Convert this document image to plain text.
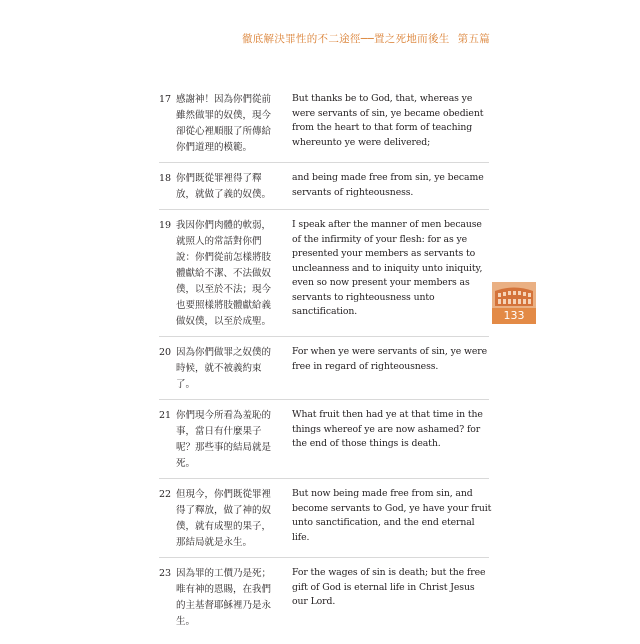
徹底解決罪性的不二途徑──置之死地而後生 第五篇
17 感謝神！因為你們從前雖然做罪的奴僕，現今卻從心裡順服了所傳給你們道理的模範。
But thanks be to God, that, whereas ye were servants of sin, ye became obedient from the heart to that form of teaching whereunto ye were delivered;
18 你們既從罪裡得了釋放，就做了義的奴僕。
and being made free from sin, ye became servants of righteousness.
19 我因你們肉體的軟弱，就照人的常話對你們說：你們從前怎樣將肢體獻給不潔、不法做奴僕，以至於不法；現今也要照樣將肢體獻給義做奴僕，以至於成聖。
I speak after the manner of men because of the infirmity of your flesh: for as ye presented your members as servants to uncleanness and to iniquity unto iniquity, even so now present your members as servants to righteousness unto sanctification.
20 因為你們做罪之奴僕的時候，就不被義約束了。
For when ye were servants of sin, ye were free in regard of righteousness.
21 你們現今所看為羞恥的事，當日有什麼果子呢？那些事的結局就是死。
What fruit then had ye at that time in the things whereof ye are now ashamed? for the end of those things is death.
22 但現今，你們既從罪裡得了釋放，做了神的奴僕，就有成聖的果子，那結局就是永生。
But now being made free from sin, and become servants to God, ye have your fruit unto sanctification, and the end eternal life.
23 因為罪的工價乃是死；唯有神的恩賜，在我們的主基督耶穌裡乃是永生。
For the wages of sin is death; but the free gift of God is eternal life in Christ Jesus our Lord.
133
